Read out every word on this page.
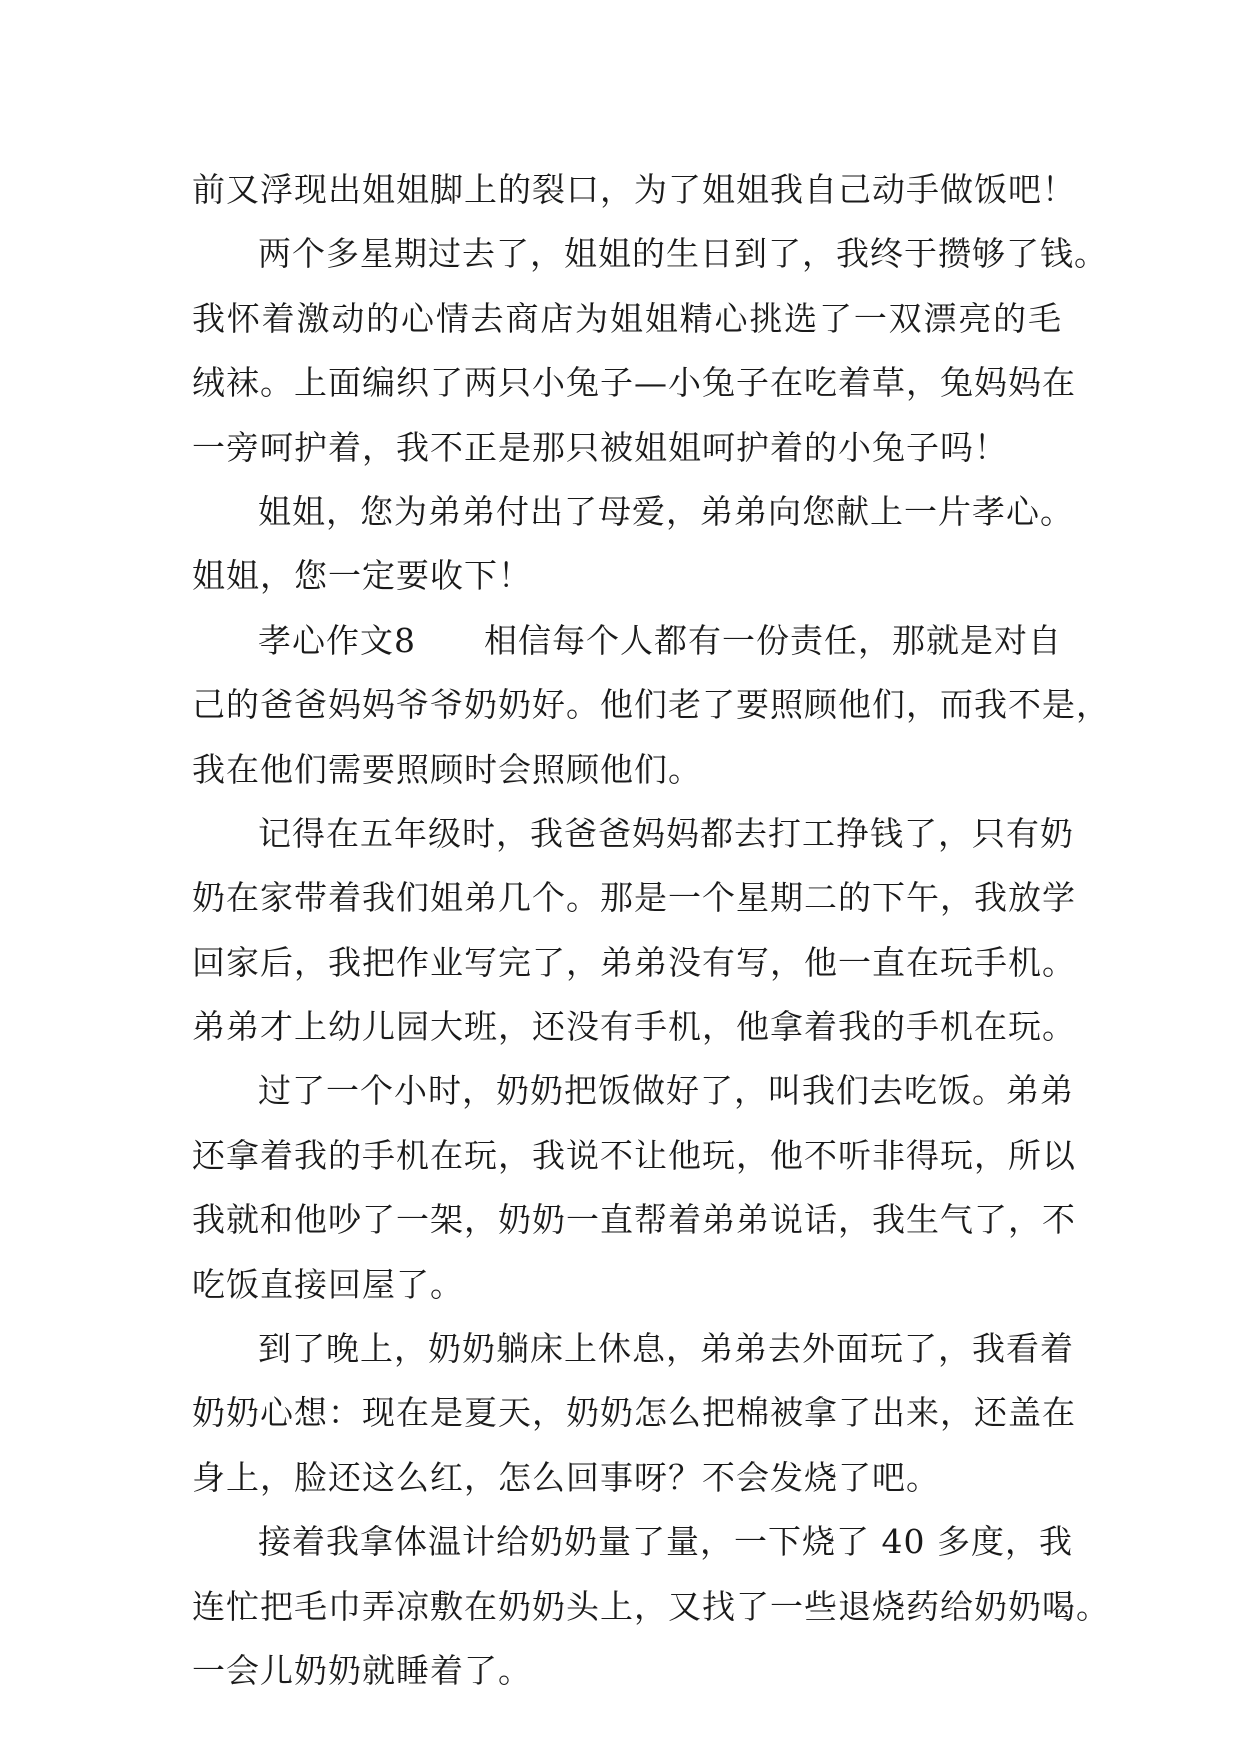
前又浮现出姐姐脚上的裂口，为了姐姐我自己动手做饭吧！
两个多星期过去了，姐姐的生日到了，我终于攒够了钱。
我怀着激动的心情去商店为姐姐精心挑选了一双漂亮的毛
绒袜。上面编织了两只小兔子—小兔子在吃着草，兔妈妈在
一旁呵护着，我不正是那只被姐姐呵护着的小兔子吗！
姐姐，您为弟弟付出了母爱，弟弟向您献上一片孝心。
姐姐，您一定要收下！
孝心作文8　　相信每个人都有一份责任，那就是对自
己的爸爸妈妈爷爷奶奶好。他们老了要照顾他们，而我不是，
我在他们需要照顾时会照顾他们。
记得在五年级时，我爸爸妈妈都去打工挣钱了，只有奶
奶在家带着我们姐弟几个。那是一个星期二的下午，我放学
回家后，我把作业写完了，弟弟没有写，他一直在玩手机。
弟弟才上幼儿园大班，还没有手机，他拿着我的手机在玩。
过了一个小时，奶奶把饭做好了，叫我们去吃饭。弟弟
还拿着我的手机在玩，我说不让他玩，他不听非得玩，所以
我就和他吵了一架，奶奶一直帮着弟弟说话，我生气了，不
吃饭直接回屋了。
到了晚上，奶奶躺床上休息，弟弟去外面玩了，我看着
奶奶心想：现在是夏天，奶奶怎么把棉被拿了出来，还盖在
身上，脸还这么红，怎么回事呀？不会发烧了吧。
接着我拿体温计给奶奶量了量，一下烧了 40 多度，我
连忙把毛巾弄凉敷在奶奶头上，又找了一些退烧药给奶奶喝。
一会儿奶奶就睡着了。
